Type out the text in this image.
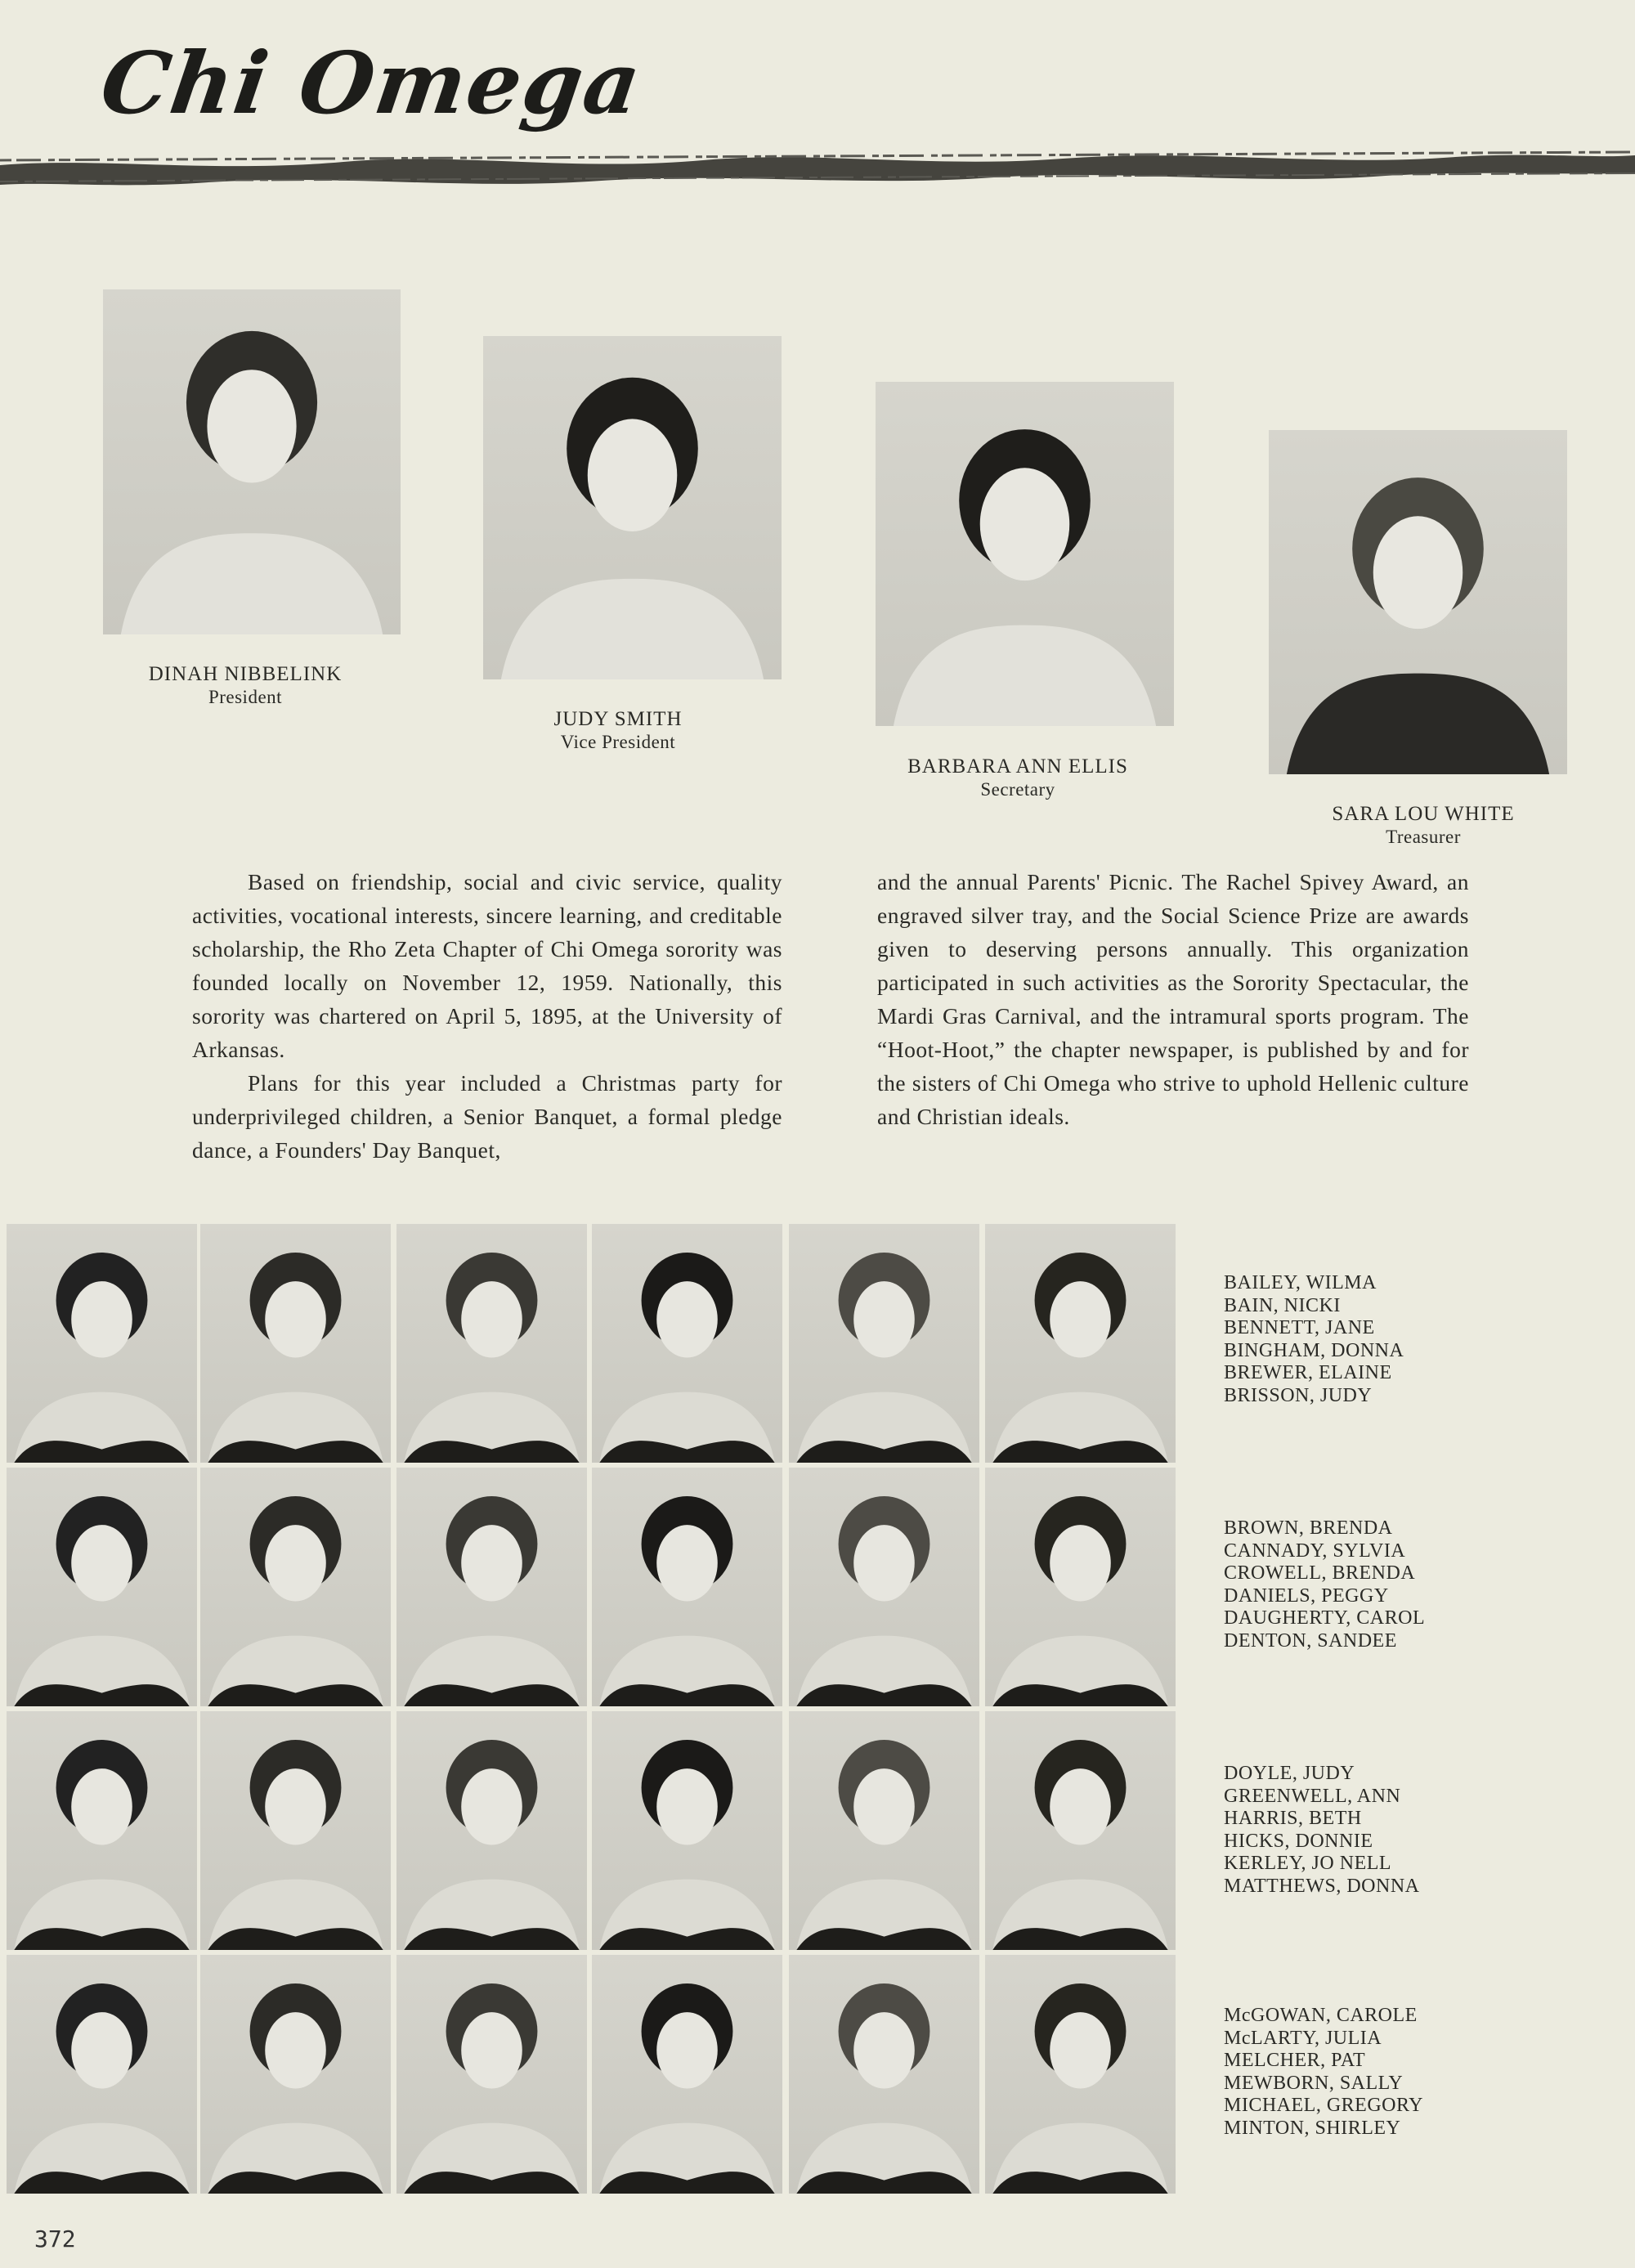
Chi Omega
DINAH NIBBELINK
President
JUDY SMITH
Vice President
BARBARA ANN ELLIS
Secretary
SARA LOU WHITE
Treasurer

Based on friendship, social and civic service, quality activities, vocational interests, sincere learning, and creditable scholarship, the Rho Zeta Chapter of Chi Omega sorority was founded locally on November 12, 1959. Nationally, this sorority was chartered on April 5, 1895, at the University of Arkansas.

Plans for this year included a Christmas party for underprivileged children, a Senior Banquet, a formal pledge dance, a Founders' Day Banquet,

and the annual Parents' Picnic. The Rachel Spivey Award, an engraved silver tray, and the Social Science Prize are awards given to deserving persons annually. This organization participated in such activities as the Sorority Spectacular, the Mardi Gras Carnival, and the intramural sports program. The “Hoot-Hoot,” the chapter newspaper, is published by and for the sisters of Chi Omega who strive to uphold Hellenic culture and Christian ideals.

BAILEY, WILMA
BAIN, NICKI
BENNETT, JANE
BINGHAM, DONNA
BREWER, ELAINE
BRISSON, JUDY
BROWN, BRENDA
CANNADY, SYLVIA
CROWELL, BRENDA
DANIELS, PEGGY
DAUGHERTY, CAROL
DENTON, SANDEE
DOYLE, JUDY
GREENWELL, ANN
HARRIS, BETH
HICKS, DONNIE
KERLEY, JO NELL
MATTHEWS, DONNA
McGOWAN, CAROLE
McLARTY, JULIA
MELCHER, PAT
MEWBORN, SALLY
MICHAEL, GREGORY
MINTON, SHIRLEY
372
